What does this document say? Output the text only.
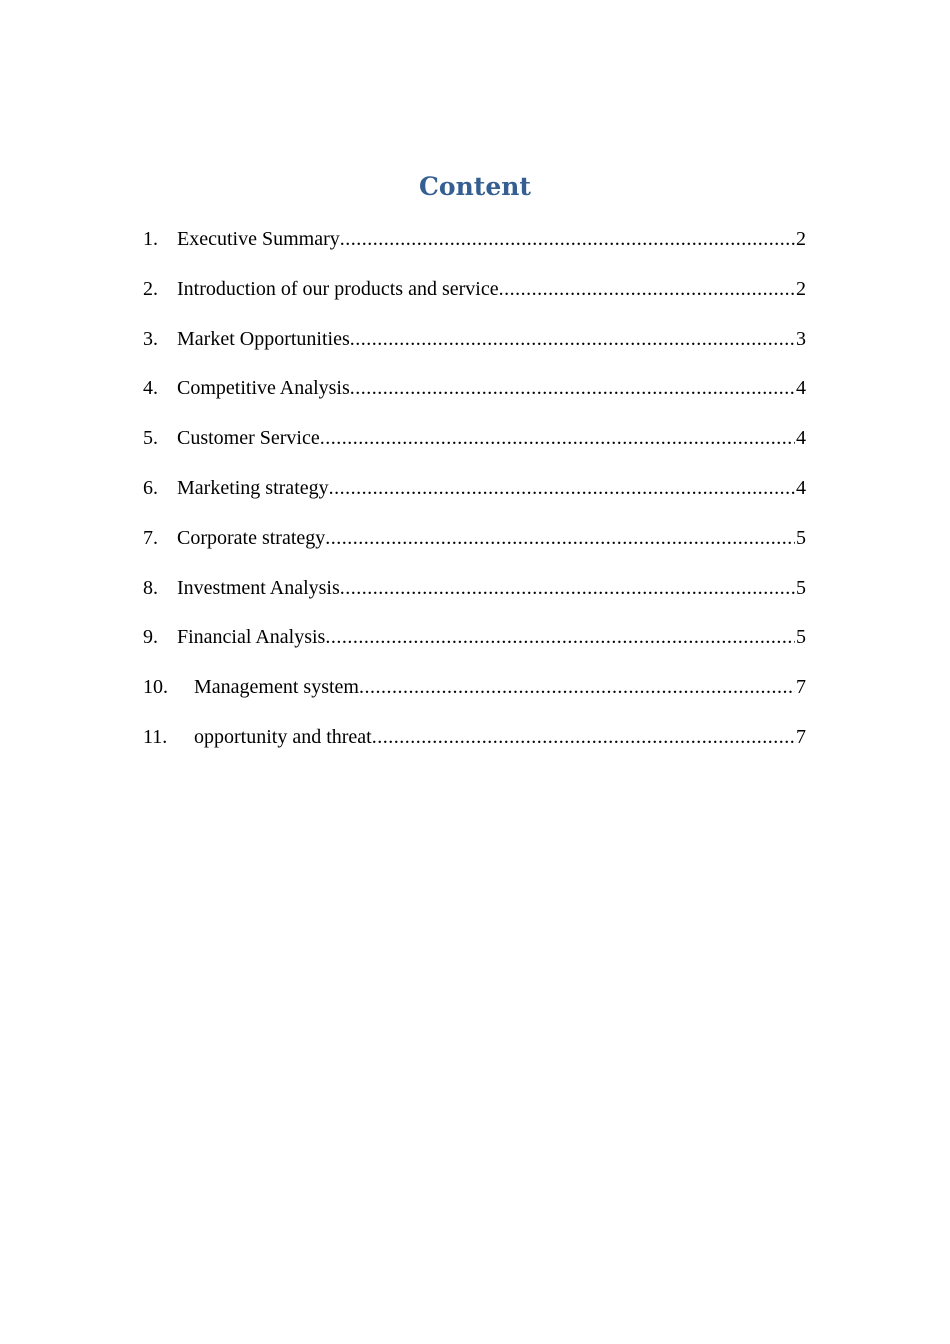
Content
1. Executive Summary .....	2
2. Introduction of our products and service .....	2
3. Market Opportunities .....	3
4. Competitive Analysis .....	4
5. Customer Service .....	4
6. Marketing strategy .....	4
7. Corporate strategy .....	5
8. Investment Analysis .....	5
9. Financial Analysis .....	5
10.	Management system .....	7
11.	opportunity and threat .....	7
